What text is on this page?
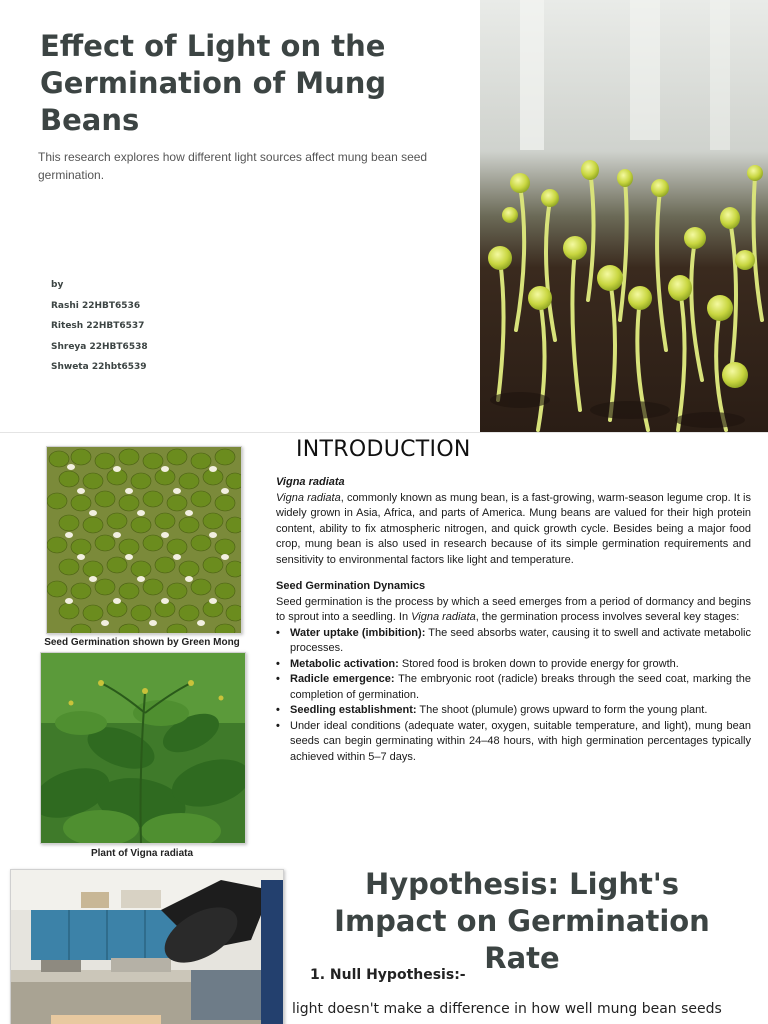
Effect of Light on the Germination of Mung Beans
This research explores how different light sources affect mung bean seed germination.
by
Rashi 22HBT6536
Ritesh 22HBT6537
Shreya 22HBT6538
Shweta 22hbt6539
Seed Germination shown by Green Mong
Plant of Vigna radiata
INTRODUCTION

Vigna radiata

Vigna radiata, commonly known as mung bean, is a fast-growing, warm-season legume crop. It is widely grown in Asia, Africa, and parts of America. Mung beans are valued for their high protein content, ability to fix atmospheric nitrogen, and quick growth cycle. Besides being a major food crop, mung bean is also used in research because of its simple germination requirements and sensitivity to environmental factors like light and temperature.

Seed Germination Dynamics

Seed germination is the process by which a seed emerges from a period of dormancy and begins to sprout into a seedling. In Vigna radiata, the germination process involves several key stages:

• Water uptake (imbibition): The seed absorbs water, causing it to swell and activate metabolic processes.
• Metabolic activation: Stored food is broken down to provide energy for growth.
• Radicle emergence: The embryonic root (radicle) breaks through the seed coat, marking the completion of germination.
• Seedling establishment: The shoot (plumule) grows upward to form the young plant.
• Under ideal conditions (adequate water, oxygen, suitable temperature, and light), mung bean seeds can begin germinating within 24–48 hours, with high germination percentages typically achieved within 5–7 days.
Hypothesis: Light's Impact on Germination Rate
1. Null Hypothesis:-
light doesn't make a difference in how well mung bean seeds
